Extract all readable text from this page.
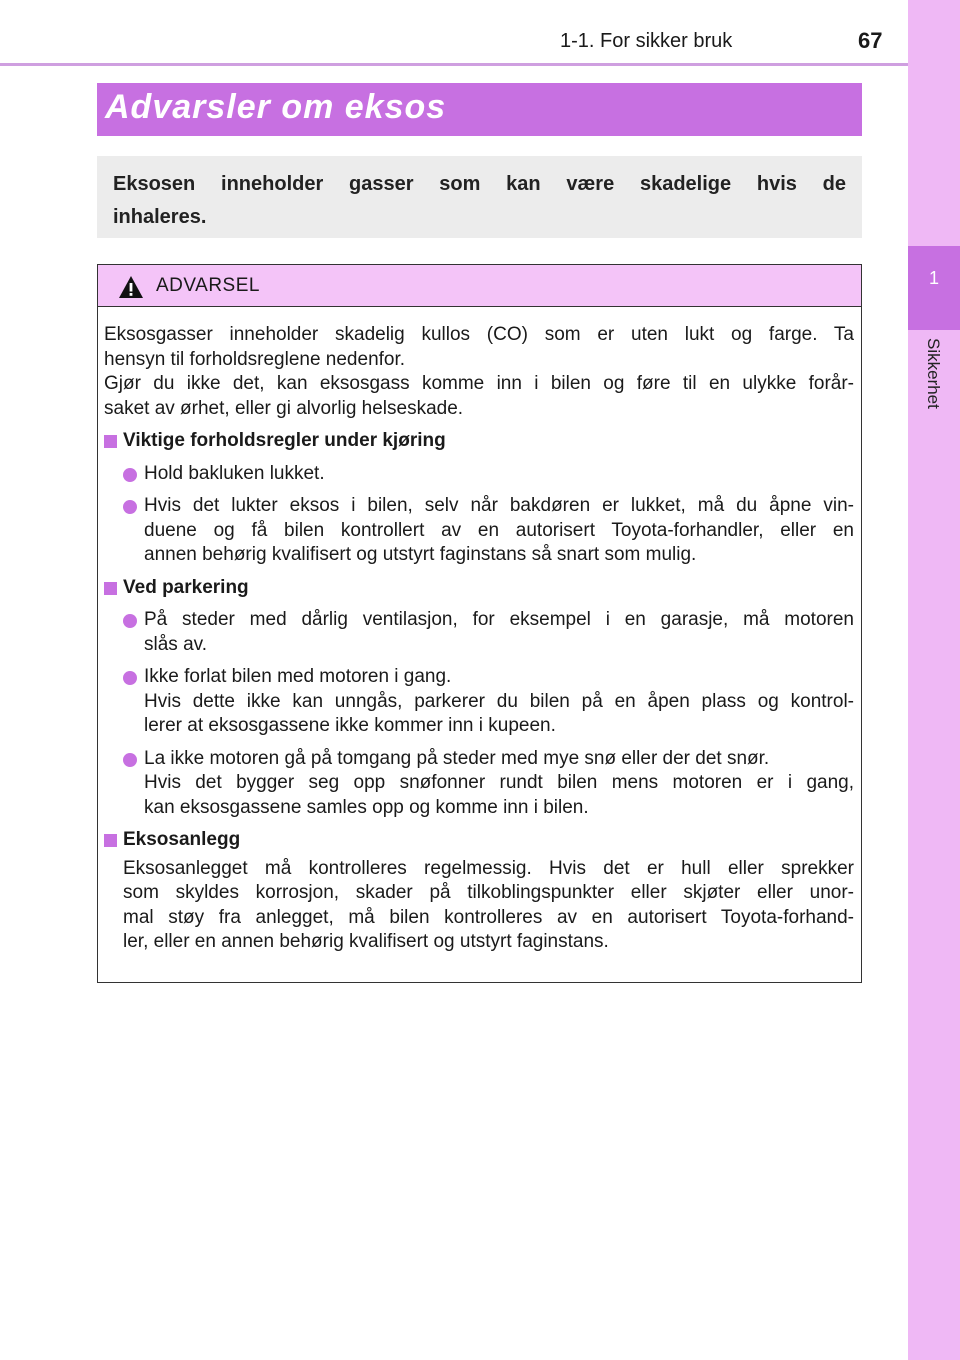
1-1. For sikker bruk	67
1
Sikkerhet
Advarsler om eksos

Eksosen inneholder gasser som kan være skadelige hvis de inhaleres.

ADVARSEL
Eksosgasser inneholder skadelig kullos (CO) som er uten lukt og farge. Ta
hensyn til forholdsreglene nedenfor.
Gjør du ikke det, kan eksosgass komme inn i bilen og føre til en ulykke forår-
saket av ørhet, eller gi alvorlig helseskade.
Viktige forholdsregler under kjøring
Hold bakluken lukket.
Hvis det lukter eksos i bilen, selv når bakdøren er lukket, må du åpne vin-
duene og få bilen kontrollert av en autorisert Toyota-forhandler, eller en
annen behørig kvalifisert og utstyrt faginstans så snart som mulig.
Ved parkering
På steder med dårlig ventilasjon, for eksempel i en garasje, må motoren
slås av.
Ikke forlat bilen med motoren i gang.
Hvis dette ikke kan unngås, parkerer du bilen på en åpen plass og kontrol-
lerer at eksosgassene ikke kommer inn i kupeen.
La ikke motoren gå på tomgang på steder med mye snø eller der det snør.
Hvis det bygger seg opp snøfonner rundt bilen mens motoren er i gang,
kan eksosgassene samles opp og komme inn i bilen.
Eksosanlegg
Eksosanlegget må kontrolleres regelmessig. Hvis det er hull eller sprekker
som skyldes korrosjon, skader på tilkoblingspunkter eller skjøter eller unor-
mal støy fra anlegget, må bilen kontrolleres av en autorisert Toyota-forhand-
ler, eller en annen behørig kvalifisert og utstyrt faginstans.
